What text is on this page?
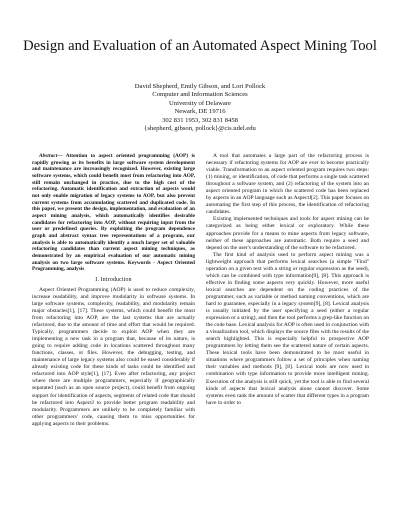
Design and Evaluation of an Automated Aspect Mining Tool
David Shepherd, Emily Gibson, and Lori Pollock
Computer and Information Sciences
University of Delaware
Newark, DE 19716
302 831 1953, 302 831 8458
{shepherd, gibson, pollock}@cis.udel.edu

Abstract— Attention to aspect oriented programming (AOP) is rapidly growing as its benefits in large software system development and maintenance are increasingly recognized. However, existing large software systems, which could benefit most from refactoring into AOP, still remain unchanged in practice, due to the high cost of the refactoring. Automatic identification and extraction of aspects would not only enable migration of legacy systems to AOP, but also prevent current systems from accumulating scattered and duplicated code. In this paper, we present the design, implementation, and evaluation of an aspect mining analysis, which automatically identifies desirable candidates for refactoring into AOP, without requiring input from the user or predefined queries. By exploiting the program dependence graph and abstract syntax tree representations of a program, our analysis is able to automatically identify a much larger set of valuable refactoring candidates than current aspect mining techniques, as demonstrated by an empirical evaluation of our automatic mining analysis on two large software systems. Keywords - Aspect Oriented Programming, analysis

I. Introduction

Aspect Oriented Programming (AOP) is used to reduce complexity, increase readability, and improve modularity in software systems. In large software systems, complexity, readability, and modularity remain major obstacles[1], [17]. These systems, which could benefit the most from refactoring into AOP, are the last systems that are actually refactored, due to the amount of time and effort that would be required. Typically, programmers decide to exploit AOP when they are implementing a new task in a program that, because of its nature, is going to require adding code in locations scattered throughout many functions, classes, or files. However, the debugging, testing, and maintenance of large legacy systems also could be eased considerably if already existing code for these kinds of tasks could be identified and refactored into AOP style[1], [17]. Even after refactoring, any project where there are multiple programmers, especially if geographically separated (such as an open source project), could benefit from ongoing support for identification of aspects, segments of related code that should be refactored into AspectJ to provide better program readability and modularity. Programmers are unlikely to be completely familiar with other programmers' code, causing them to miss opportunities for applying aspects to their problems.

A tool that automates a large part of the refactoring process is necessary if refactoring systems for AOP are ever to become practically viable. Transformation to an aspect oriented program requires two steps: (1) mining, or identification, of code that performs a single task scattered throughout a software system, and (2) refactoring of the system into an aspect oriented program in which the scattered code has been replaced by aspects in an AOP language such as AspectJ[2]. This paper focuses on automating the first step of this process, the identification of refactoring candidates.

Existing implemented techniques and tools for aspect mining can be categorized as being either lexical or exploratory. While these approaches provide for a means to mine aspects from legacy software, neither of these approaches are automatic. Both require a seed and depend on the user's understanding of the software to be refactored.

The first kind of analysis used to perform aspect mining was a lightweight approach that performs lexical searches (a simple "Find" operation on a given text with a string or regular expression as the seed), which can be combined with type information[9], [8]. This approach is effective in finding some aspects very quickly. However, more useful lexical searches are dependent on the coding practices of the programmer, such as variable or method naming conventions, which are hard to guarantee, especially in a legacy system[9], [8]. Lexical analysis is usually initiated by the user specifying a seed (either a regular expression or a string), and then the tool performs a grep-like function on the code base. Lexical analysis for AOP is often used in conjunction with a visualization tool, which displays the source files with the results of the search highlighted. This is especially helpful to prospective AOP programmers by letting them see the scattered nature of certain aspects. These lexical tools have been demonstrated to be most useful in situations where programmers follow a set of principles when naming their variables and methods [9], [8]. Lexical tools are now used in combination with type information to provide more intelligent mining. Execution of the analysis is still quick, yet the tool is able to find several kinds of aspects that lexical analysis alone cannot discover. Some systems even rank the amount of scatter that different types in a program have in order to
